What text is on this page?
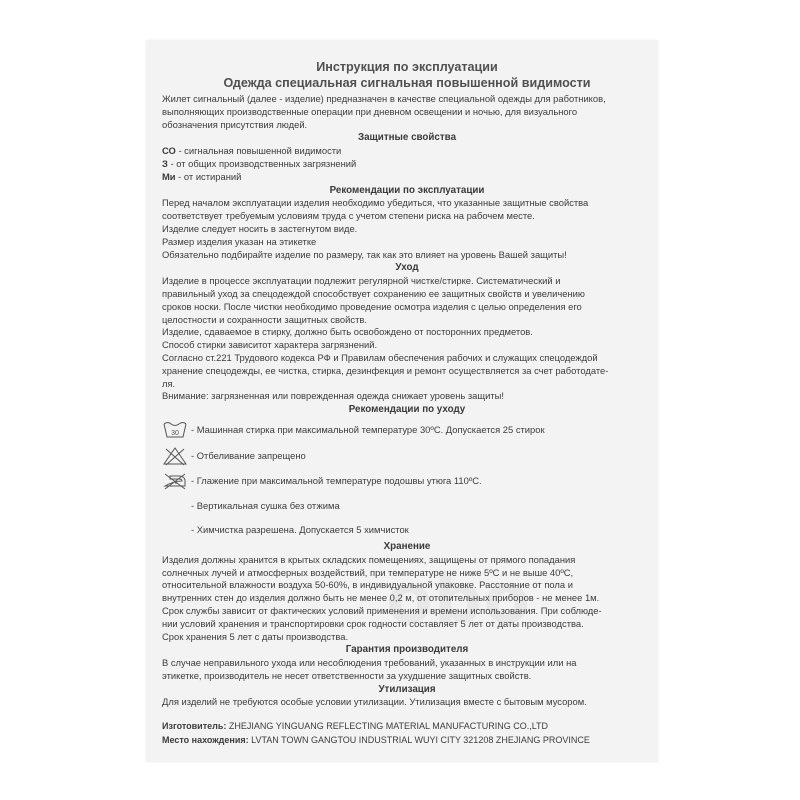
Инструкция по эксплуатации
Одежда специальная сигнальная повышенной видимости

Жилет сигнальный (далее - изделие) предназначен в качестве специальной одежды для работников,

выполняющих производственные операции при дневном освещении и ночью, для визуального

обозначения присутствия людей.

Защитные свойства

СО - сигнальная повышенной видимости

З - от общих производственных загрязнений

Ми - от истираний

Рекомендации по эксплуатации

Перед началом эксплуатации изделия необходимо убедиться, что указанные защитные свойства

соответствует требуемым условиям труда с учетом степени риска на рабочем месте.

Изделие следует носить в застегнутом виде.

Размер изделия указан на этикетке

Обязательно подбирайте изделие по размеру, так как это влияет на уровень Вашей защиты!

Уход

Изделие в процессе эксплуатации подлежит регулярной чистке/стирке. Систематический и

правильный уход за спецодеждой способствует сохранению ее защитных свойств и увеличению

сроков носки. После чистки необходимо проведение осмотра изделия с целью определения его

целостности и сохранности защитных свойств.

Изделие, сдаваемое в стирку, должно быть освобождено от посторонних предметов.

Способ стирки зависитот характера загрязнений.

Согласно ст.221 Трудового кодекса РФ и Правилам обеспечения рабочих и служащих спецодеждой

хранение спецодежды, ее чистка, стирка, дезинфекция и ремонт осуществляется за счет работодате-

ля.

Внимание: загрязненная или поврежденная одежда снижает уровень защиты!

Рекомендации по уходу
30 - Машинная стирка при максимальной температуре 30ºС. Допускается 25 стирок
- Отбеливание запрещено
- Глажение при максимальной температуре подошвы утюга 110ºС.
- Вертикальная сушка без отжима
- Химчистка разрешена. Допускается 5 химчисток
Хранение

Изделия должны хранится в крытых складских помещениях, защищены от прямого попадания

солнечных лучей и атмосферных воздействий, при температуре не ниже 5ºС и не выше 40ºС,

относительной влажности воздуха 50-60%, в индивидуальной упаковке. Расстояние от пола и

внутренних стен до изделия должно быть не менее 0,2 м, от отопительных приборов - не менее 1м.

Срок службы зависит от фактических условий применения и времени использования. При соблюде-

нии условий хранения и транспортировки срок годности составляет 5 лет от даты производства.

Срок хранения 5 лет с даты производства.

Гарантия производителя

В случае неправильного ухода или несоблюдения требований, указанных в инструкции или на

этикетке, производитель не несет ответственности за ухудшение защитных свойств.

Утилизация

Для изделий не требуются особые условии утилизации. Утилизация вместе с бытовым мусором.

Изготовитель: ZHEJIANG YINGUANG REFLECTING MATERIAL MANUFACTURING CO.,LTD

Место нахождения: LVTAN TOWN GANGTOU INDUSTRIAL WUYI CITY 321208 ZHEJIANG PROVINCE
